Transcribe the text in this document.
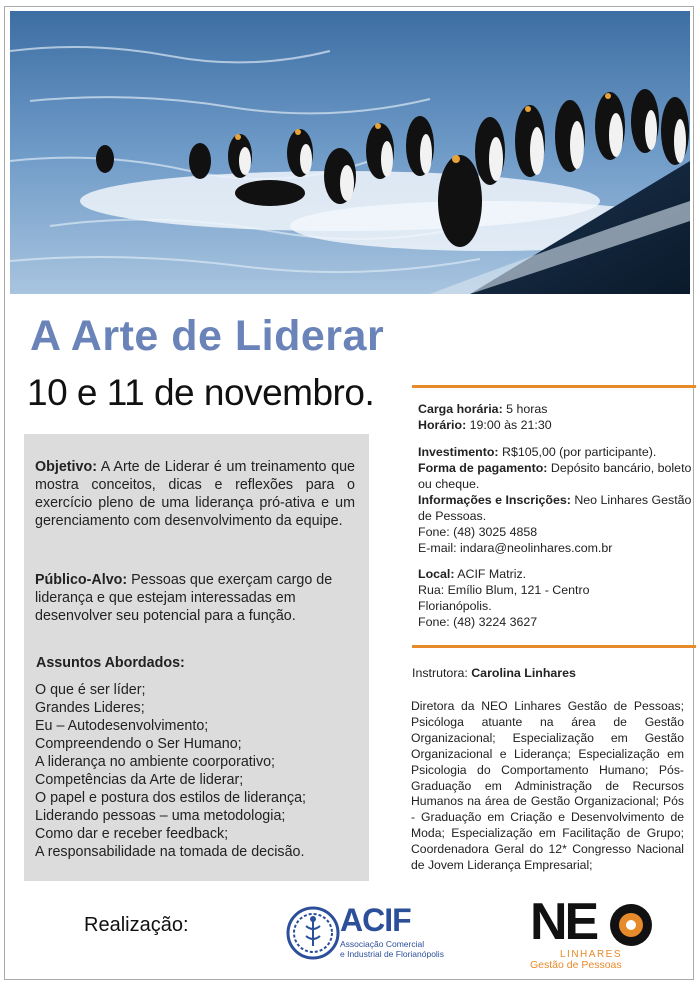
A Arte de Liderar
10 e 11 de novembro.

Objetivo: A Arte de Liderar é um treinamento que mostra conceitos, dicas e reflexões para o exercício pleno de uma liderança pró-ativa e um gerenciamento com desenvolvimento da equipe.

Público-Alvo: Pessoas que exerçam cargo de liderança e que estejam interessadas em desenvolver seu potencial para a função.

Assuntos Abordados:

O que é ser líder;
Grandes Lideres;
Eu – Autodesenvolvimento;
Compreendendo o Ser Humano;
A liderança no ambiente coorporativo;
Competências da Arte de liderar;
O papel e postura dos estilos de liderança;
Liderando pessoas – uma metodologia;
Como dar e receber feedback;
A responsabilidade na tomada de decisão.
Carga horária: 5 horas
Horário: 19:00 às 21:30
Investimento: R$105,00 (por participante).
Forma de pagamento: Depósito bancário, boleto ou cheque.
Informações e Inscrições: Neo Linhares Gestão de Pessoas.
Fone: (48) 3025 4858
E-mail: indara@neolinhares.com.br
Local: ACIF Matriz.
Rua: Emílio Blum, 121 - Centro
Florianópolis.
Fone: (48) 3224 3627
Instrutora: Carolina Linhares
Diretora da NEO Linhares Gestão de Pessoas; Psicóloga atuante na área de Gestão Organizacional; Especialização em Gestão Organizacional e Liderança; Especialização em Psicologia do Comportamento Humano; Pós- Graduação em Administração de Recursos Humanos na área de Gestão Organizacional; Pós - Graduação em Criação e Desenvolvimento de Moda; Especialização em Facilitação de Grupo; Coordenadora Geral do 12* Congresso Nacional de Jovem Liderança Empresarial;
Realização:	ACIF
Associação Comercial
e Industrial de Florianópolis
NE
LINHARES
Gestão de Pessoas
